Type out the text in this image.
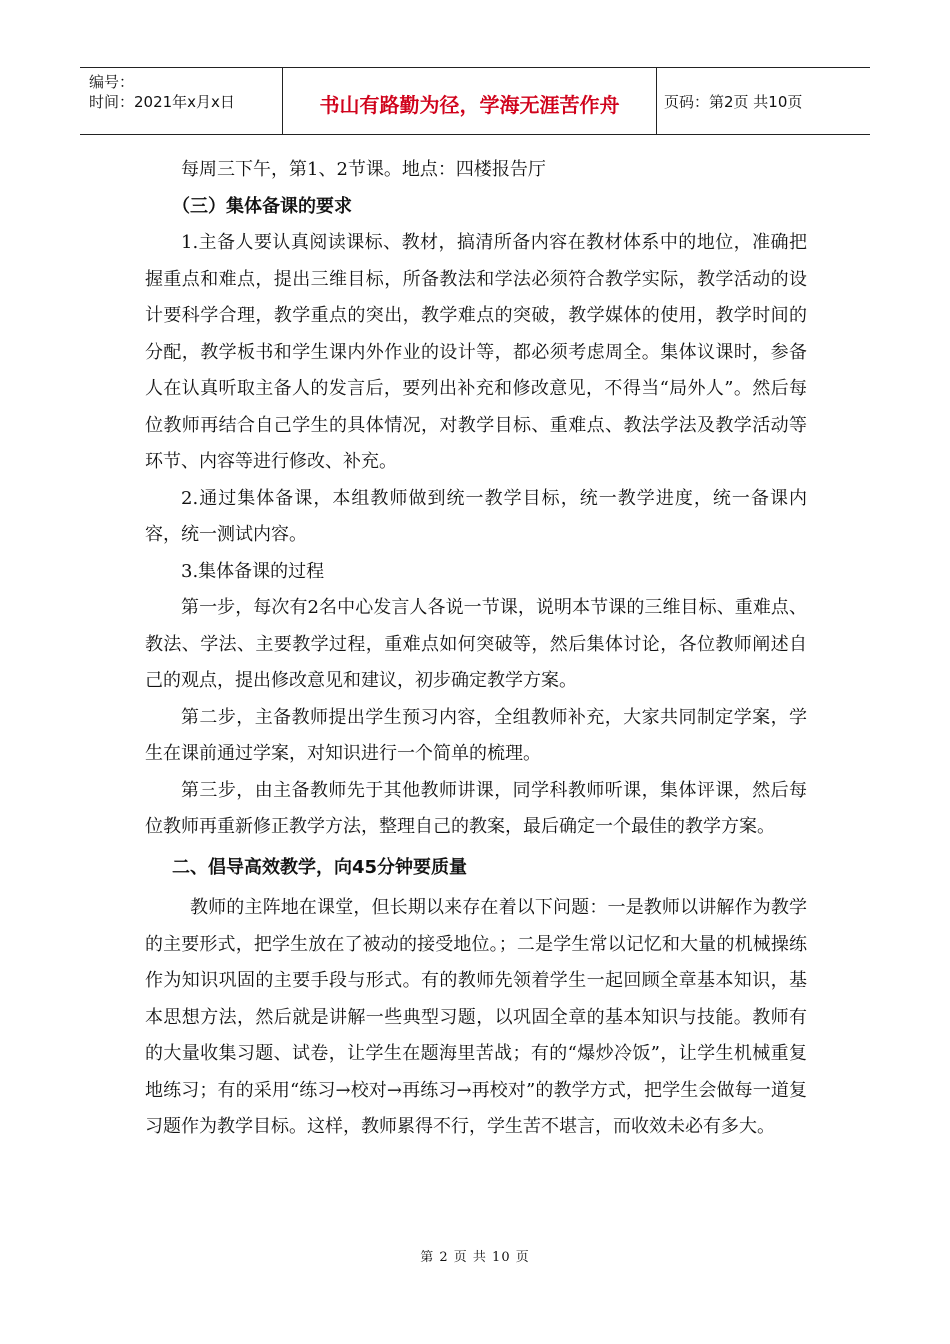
编号：
时间：2021年x月x日	书山有路勤为径，学海无涯苦作舟	页码：第2页 共10页

每周三下午，第1、2节课。地点：四楼报告厅

（三）集体备课的要求

1.主备人要认真阅读课标、教材，搞清所备内容在教材体系中的地位，准确把握重点和难点，提出三维目标，所备教法和学法必须符合教学实际，教学活动的设计要科学合理，教学重点的突出，教学难点的突破，教学媒体的使用，教学时间的分配，教学板书和学生课内外作业的设计等，都必须考虑周全。集体议课时，参备人在认真听取主备人的发言后，要列出补充和修改意见，不得当“局外人”。然后每位教师再结合自己学生的具体情况，对教学目标、重难点、教法学法及教学活动等环节、内容等进行修改、补充。

2.通过集体备课，本组教师做到统一教学目标，统一教学进度，统一备课内容，统一测试内容。

3.集体备课的过程

第一步，每次有2名中心发言人各说一节课，说明本节课的三维目标、重难点、教法、学法、主要教学过程，重难点如何突破等，然后集体讨论，各位教师阐述自己的观点，提出修改意见和建议，初步确定教学方案。

第二步，主备教师提出学生预习内容，全组教师补充，大家共同制定学案，学生在课前通过学案，对知识进行一个简单的梳理。

第三步，由主备教师先于其他教师讲课，同学科教师听课，集体评课，然后每位教师再重新修正教学方法，整理自己的教案，最后确定一个最佳的教学方案。

二、倡导高效教学，向45分钟要质量

教师的主阵地在课堂，但长期以来存在着以下问题：一是教师以讲解作为教学的主要形式，把学生放在了被动的接受地位。；二是学生常以记忆和大量的机械操练作为知识巩固的主要手段与形式。有的教师先领着学生一起回顾全章基本知识，基本思想方法，然后就是讲解一些典型习题，以巩固全章的基本知识与技能。教师有的大量收集习题、试卷，让学生在题海里苦战；有的“爆炒冷饭”，让学生机械重复地练习；有的采用“练习→校对→再练习→再校对”的教学方式，把学生会做每一道复习题作为教学目标。这样，教师累得不行，学生苦不堪言，而收效未必有多大。

第 2 页 共 10 页
